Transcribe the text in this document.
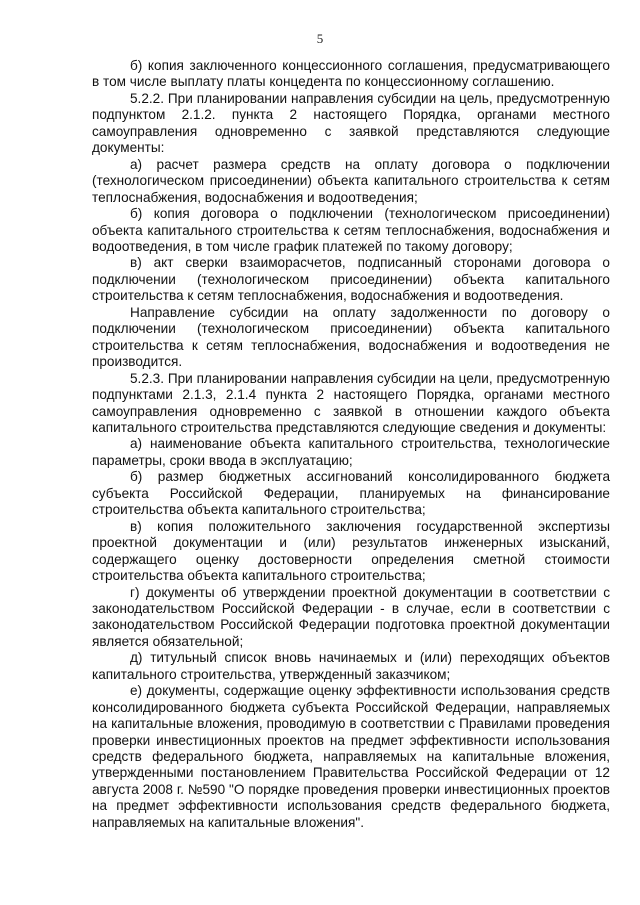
5

б) копия заключенного концессионного соглашения, предусматривающего в том числе выплату платы концедента по концессионному соглашению.

5.2.2. При планировании направления субсидии на цель, предусмотренную подпунктом 2.1.2. пункта 2 настоящего Порядка, органами местного самоуправления одновременно с заявкой представляются следующие документы:

а) расчет размера средств на оплату договора о подключении (технологическом присоединении) объекта капитального строительства к сетям теплоснабжения, водоснабжения и водоотведения;

б) копия договора о подключении (технологическом присоединении) объекта капитального строительства к сетям теплоснабжения, водоснабжения и водоотведения, в том числе график платежей по такому договору;

в) акт сверки взаиморасчетов, подписанный сторонами договора о подключении (технологическом присоединении) объекта капитального строительства к сетям теплоснабжения, водоснабжения и водоотведения.

Направление субсидии на оплату задолженности по договору о подключении (технологическом присоединении) объекта капитального строительства к сетям теплоснабжения, водоснабжения и водоотведения не производится.

5.2.3. При планировании направления субсидии на цели, предусмотренную подпунктами 2.1.3, 2.1.4 пункта 2 настоящего Порядка, органами местного самоуправления одновременно с заявкой в отношении каждого объекта капитального строительства представляются следующие сведения и документы:

а) наименование объекта капитального строительства, технологические параметры, сроки ввода в эксплуатацию;

б) размер бюджетных ассигнований консолидированного бюджета субъекта Российской Федерации, планируемых на финансирование строительства объекта капитального строительства;

в) копия положительного заключения государственной экспертизы проектной документации и (или) результатов инженерных изысканий, содержащего оценку достоверности определения сметной стоимости строительства объекта капитального строительства;

г) документы об утверждении проектной документации в соответствии с законодательством Российской Федерации - в случае, если в соответствии с законодательством Российской Федерации подготовка проектной документации является обязательной;

д) титульный список вновь начинаемых и (или) переходящих объектов капитального строительства, утвержденный заказчиком;

е) документы, содержащие оценку эффективности использования средств консолидированного бюджета субъекта Российской Федерации, направляемых на капитальные вложения, проводимую в соответствии с Правилами проведения проверки инвестиционных проектов на предмет эффективности использования средств федерального бюджета, направляемых на капитальные вложения, утвержденными постановлением Правительства Российской Федерации от 12 августа 2008 г. №590 "О порядке проведения проверки инвестиционных проектов на предмет эффективности использования средств федерального бюджета, направляемых на капитальные вложения".
